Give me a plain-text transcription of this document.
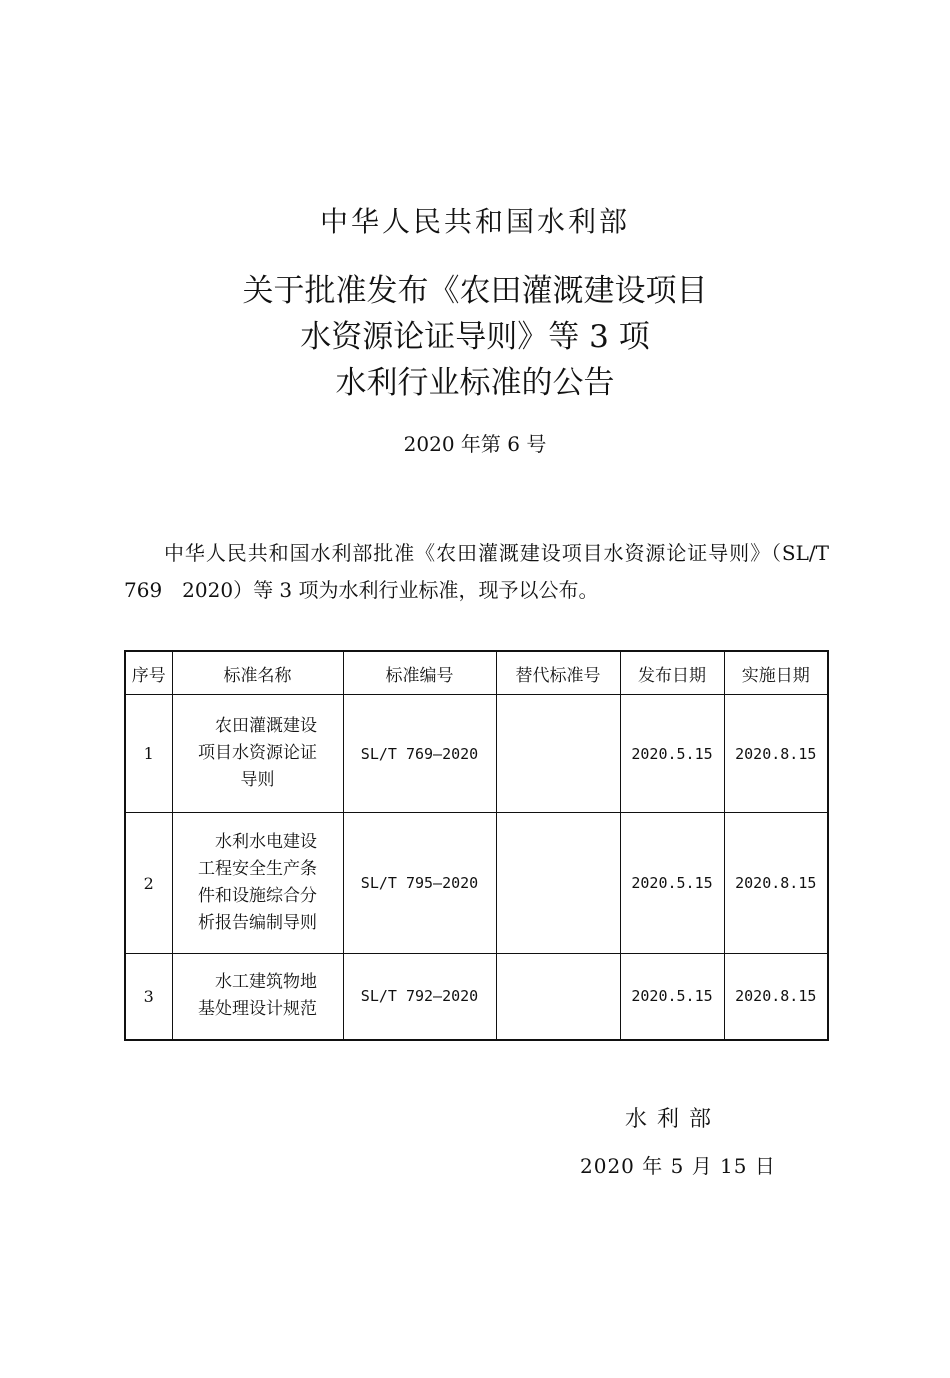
中华人民共和国水利部
关于批准发布《农田灌溉建设项目
水资源论证导则》等 3 项
水利行业标准的公告
2020 年第 6 号

中华人民共和国水利部批准《农田灌溉建设项目水资源论证导则》（SL/T 769　2020）等 3 项为水利行业标准，现予以公布。

序号	标准名称	标准编号	替代标准号	发布日期	实施日期
1	农田灌溉建设
项目水资源论证
导则	SL/T 769—2020		2020.5.15	2020.8.15
2	水利水电建设
工程安全生产条
件和设施综合分
析报告编制导则	SL/T 795—2020		2020.5.15	2020.8.15
3	水工建筑物地
基处理设计规范	SL/T 792—2020		2020.5.15	2020.8.15
水利部
2020 年 5 月 15 日
